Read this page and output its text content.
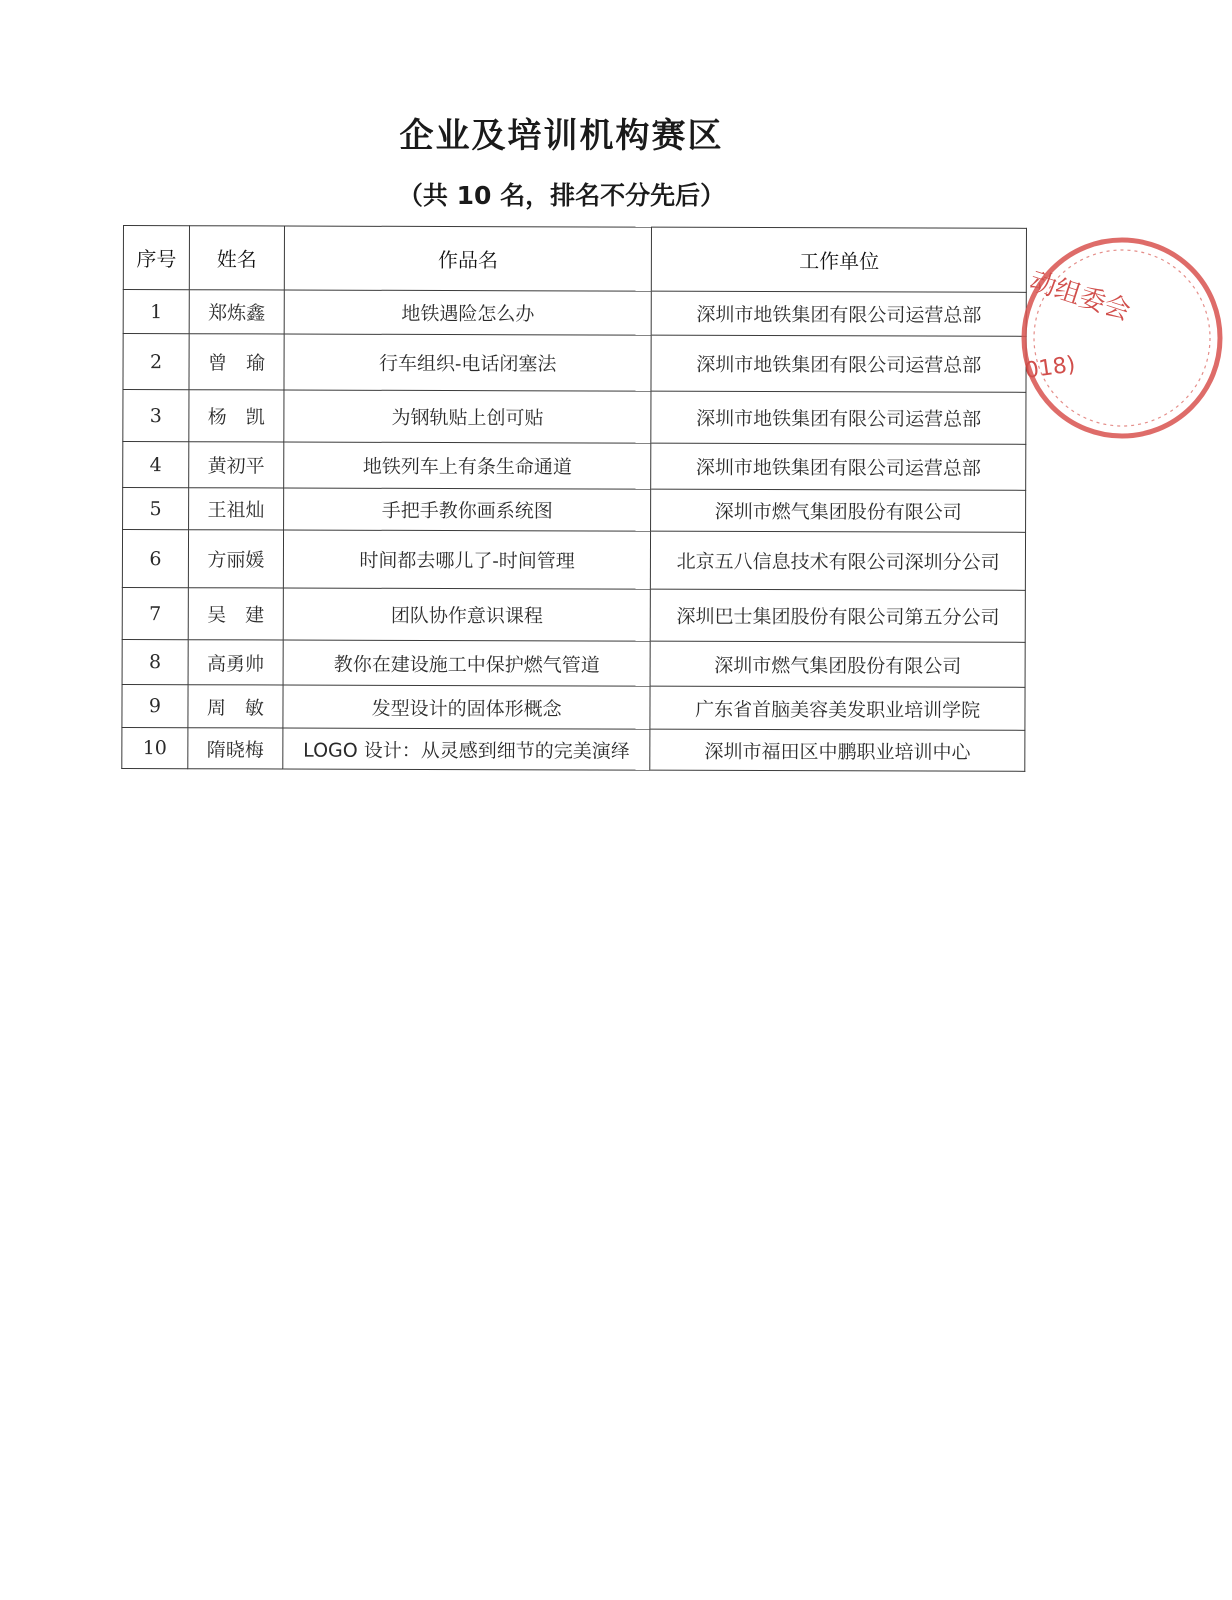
企业及培训机构赛区
（共 10 名，排名不分先后）
序号	姓名	作品名	工作单位
1	郑炼鑫	地铁遇险怎么办	深圳市地铁集团有限公司运营总部
2	曾　瑜	行车组织-电话闭塞法	深圳市地铁集团有限公司运营总部
3	杨　凯	为钢轨贴上创可贴	深圳市地铁集团有限公司运营总部
4	黄初平	地铁列车上有条生命通道	深圳市地铁集团有限公司运营总部
5	王祖灿	手把手教你画系统图	深圳市燃气集团股份有限公司
6	方丽媛	时间都去哪儿了-时间管理	北京五八信息技术有限公司深圳分公司
7	吴　建	团队协作意识课程	深圳巴士集团股份有限公司第五分公司
8	高勇帅	教你在建设施工中保护燃气管道	深圳市燃气集团股份有限公司
9	周　敏	发型设计的固体形概念	广东省首脑美容美发职业培训学院
10	隋晓梅	LOGO 设计：从灵感到细节的完美演绎	深圳市福田区中鹏职业培训中心
动组委会
018)
